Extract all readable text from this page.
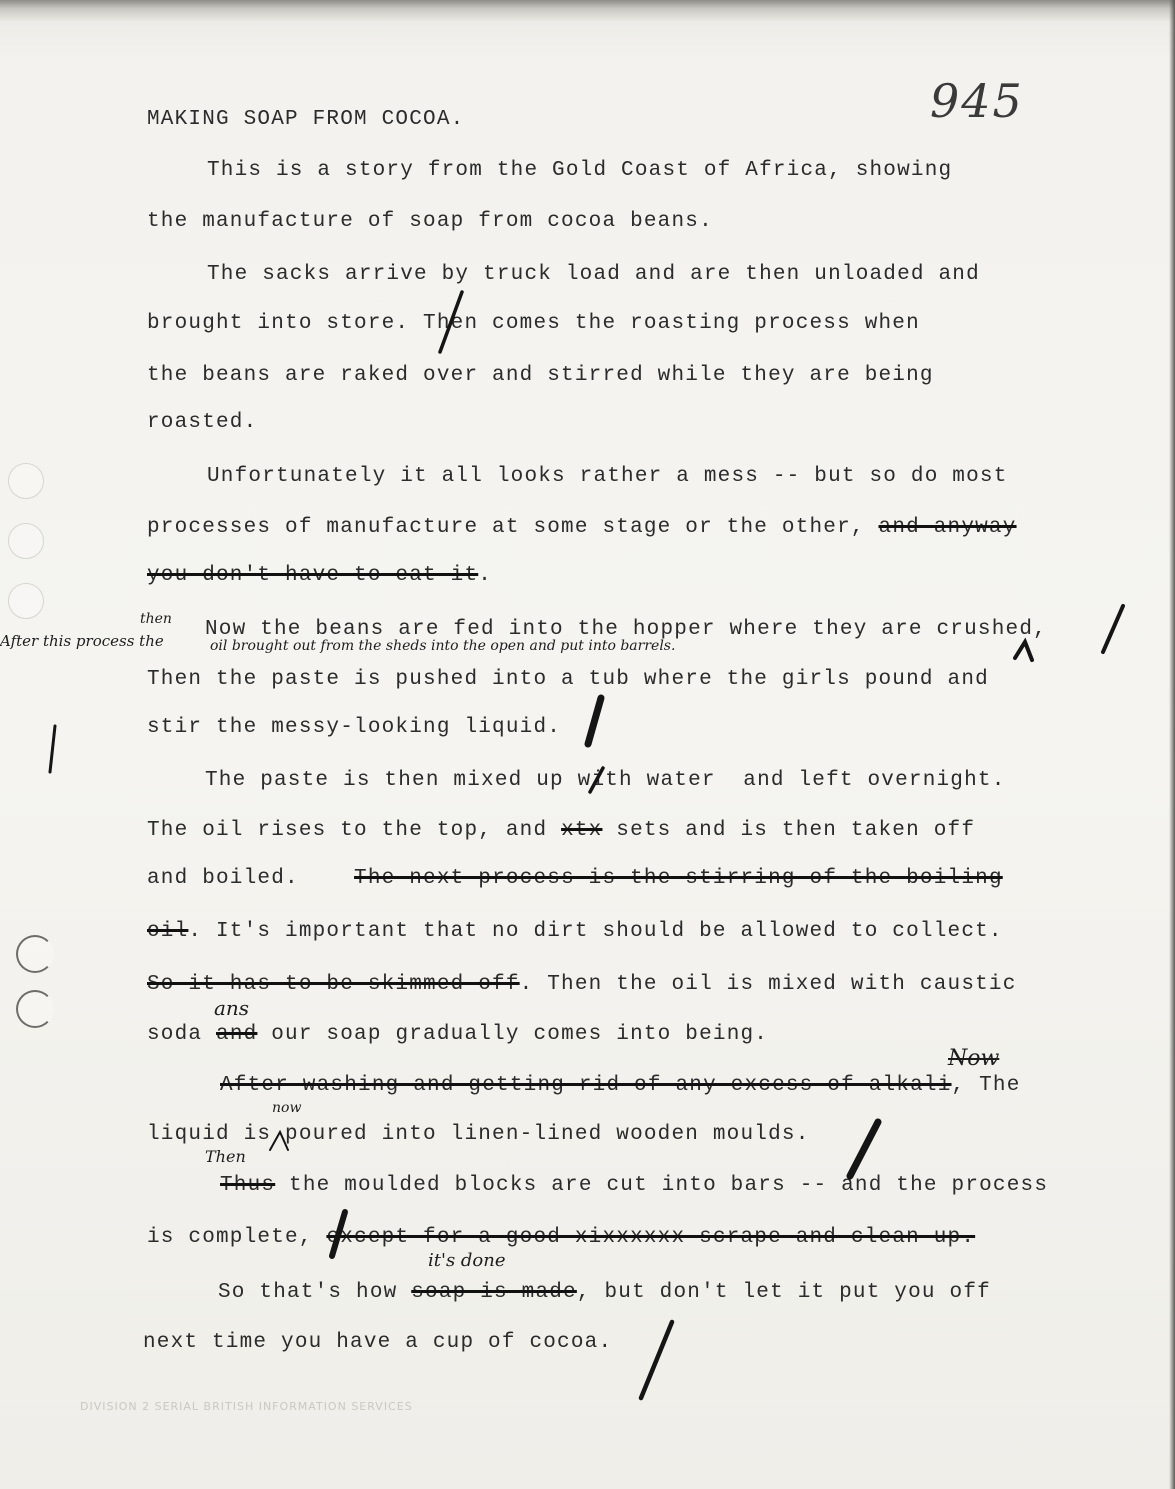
945
MAKING SOAP FROM COCOA.
This is a story from the Gold Coast of Africa, showing
the manufacture of soap from cocoa beans.
The sacks arrive by truck load and are then unloaded and
brought into store. Then comes the roasting process when
the beans are raked over and stirred while they are being
roasted.
Unfortunately it all looks rather a mess -- but so do most
processes of manufacture at some stage or the other, and anyway
you don't have to eat it.
then Now the beans are fed into the hopper where they are crushed,
After this process the	oil brought out from the sheds into the open and put into barrels.
Then the paste is pushed into a tub where the girls pound and
stir the messy-looking liquid.
The paste is then mixed up with water  and left overnight.
The oil rises to the top, and xtx sets and is then taken off
and boiled.	The next process is the stirring of the boiling
oil. It's important that no dirt should be allowed to collect.
So it has to be skimmed off. Then the oil is mixed with caustic
ans
soda and our soap gradually comes into being.
Now
After washing and getting rid of any excess of alkali, The
now
liquid is poured into linen-lined wooden moulds.
Then
Thus the moulded blocks are cut into bars -- and the process
is complete, except for a good xixxxxxx scrape and clean up.
it's done
So that's how soap is made, but don't let it put you off
next time you have a cup of cocoa.
DIVISION 2 SERIAL BRITISH INFORMATION SERVICES
